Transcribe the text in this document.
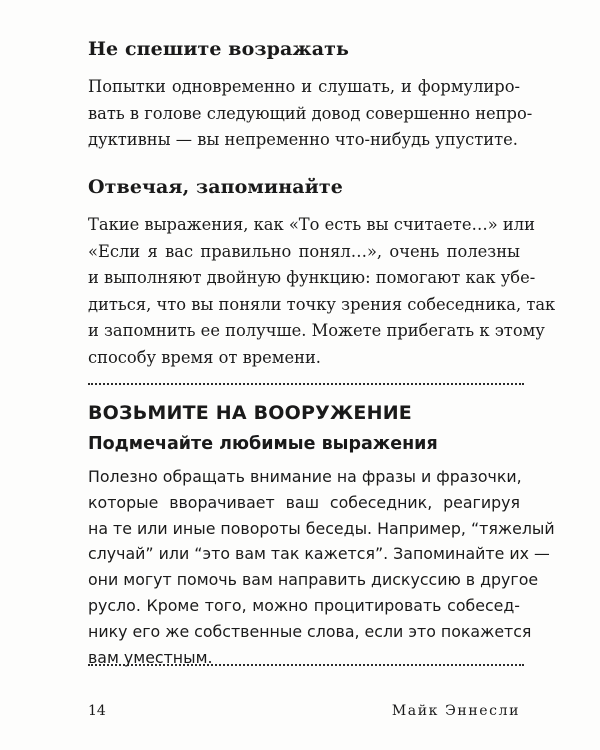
Не спешите возражать

Попытки одновременно и слушать, и формулиро-
вать в голове следующий довод совершенно непро-
дуктивны — вы непременно что-нибудь упустите.

Отвечая, запоминайте

Такие выражения, как «То есть вы считаете…» или
«Если я вас правильно понял…», очень полезны
и выполняют двойную функцию: помогают как убе-
диться, что вы поняли точку зрения собеседника, так
и запомнить ее получше. Можете прибегать к этому
способу время от времени.

ВОЗЬМИТЕ НА ВООРУЖЕНИЕ
Подмечайте любимые выражения

Полезно обращать внимание на фразы и фразочки,
которые вворачивает ваш собеседник, реагируя
на те или иные повороты беседы. Например, “тяжелый
случай” или “это вам так кажется”. Запоминайте их —
они могут помочь вам направить дискуссию в другое
русло. Кроме того, можно процитировать собесед-
нику его же собственные слова, если это покажется
вам уместным.

14	Майк Эннесли
